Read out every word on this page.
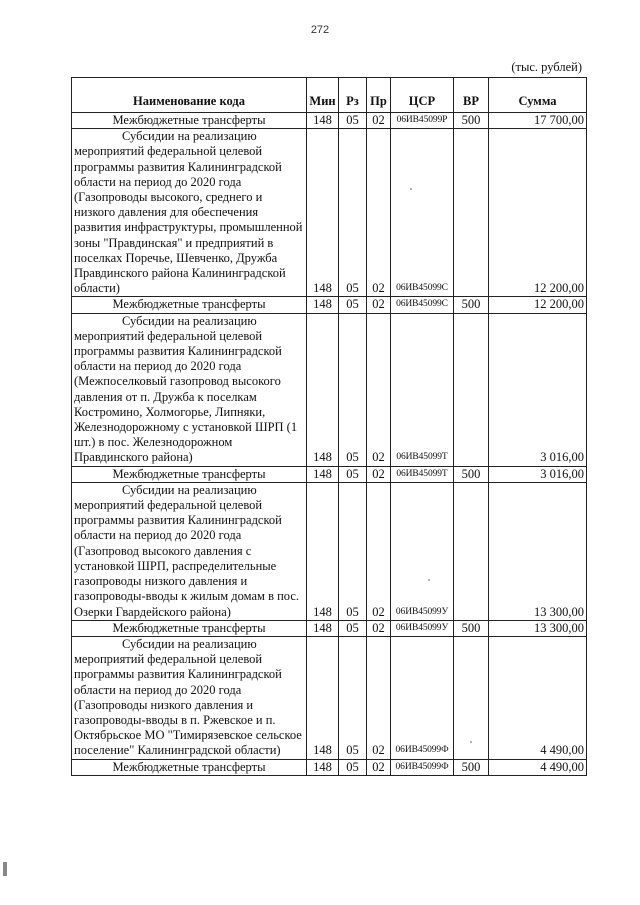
272
(тыс. рублей)
Наименование кода	Мин	Рз	Пр	ЦСР	ВР	Сумма
Межбюджетные трансферты	148	05	02	06ИВ45099Р	500	17 700,00
Субсидии на реализацию мероприятий федеральной целевой программы развития Калининградской области на период до 2020 года (Газопроводы высокого, среднего и низкого давления для обеспечения развития инфраструктуры, промышленной зоны "Правдинская" и предприятий в поселках Поречье, Шевченко, Дружба Правдинского района Калининградской области)	148	05	02	06ИВ45099С		12 200,00
Межбюджетные трансферты	148	05	02	06ИВ45099С	500	12 200,00
Субсидии на реализацию мероприятий федеральной целевой программы развития Калининградской области на период до 2020 года (Межпоселковый газопровод высокого давления от п. Дружба к поселкам Костромино, Холмогорье, Липняки, Железнодорожному с установкой ШРП (1 шт.) в пос. Железнодорожном Правдинского района)	148	05	02	06ИВ45099Т		3 016,00
Межбюджетные трансферты	148	05	02	06ИВ45099Т	500	3 016,00
Субсидии на реализацию мероприятий федеральной целевой программы развития Калининградской области на период до 2020 года (Газопровод высокого давления с установкой ШРП, распределительные газопроводы низкого давления и газопроводы-вводы к жилым домам в пос. Озерки Гвардейского района)	148	05	02	06ИВ45099У		13 300,00
Межбюджетные трансферты	148	05	02	06ИВ45099У	500	13 300,00
Субсидии на реализацию мероприятий федеральной целевой программы развития Калининградской области на период до 2020 года (Газопроводы низкого давления и газопроводы-вводы в п. Ржевское и п. Октябрьское МО "Тимирязевское сельское поселение" Калининградской области)	148	05	02	06ИВ45099Ф		4 490,00
Межбюджетные трансферты	148	05	02	06ИВ45099Ф	500	4 490,00
